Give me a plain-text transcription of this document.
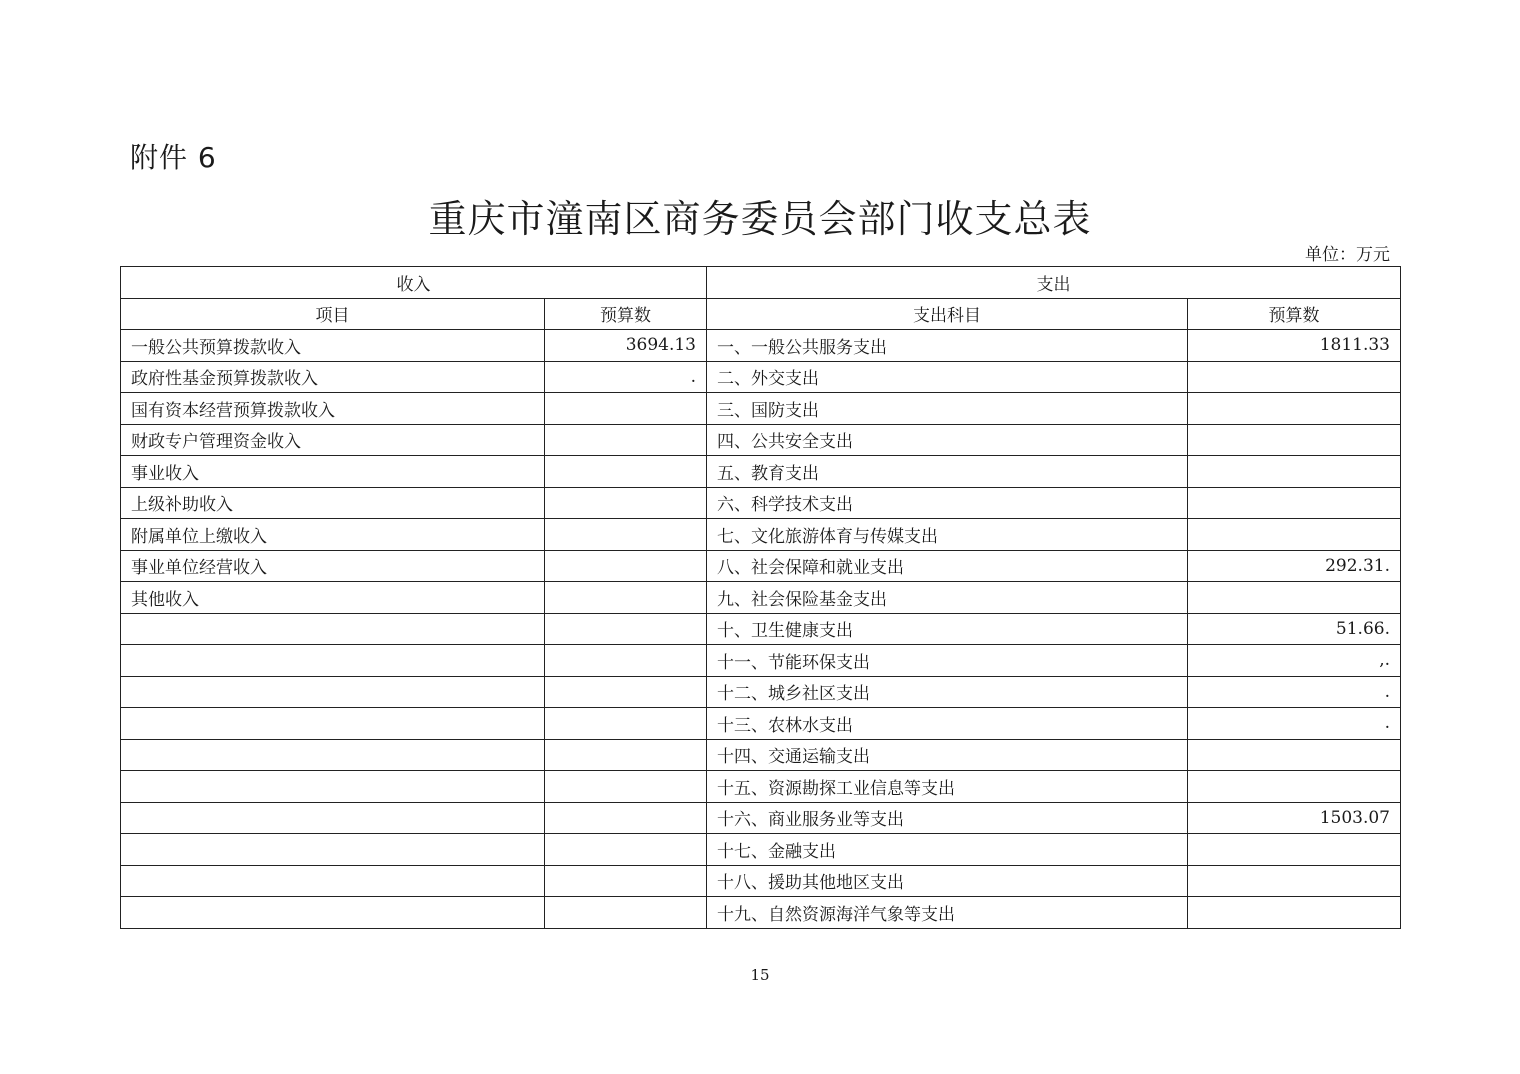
附件 6
重庆市潼南区商务委员会部门收支总表
单位：万元
收入		支出	
项目	预算数	支出科目	预算数
一般公共预算拨款收入	3694.13	一、一般公共服务支出	1811.33
政府性基金预算拨款收入	.	二、外交支出	
国有资本经营预算拨款收入		三、国防支出	
财政专户管理资金收入		四、公共安全支出	
事业收入		五、教育支出	
上级补助收入		六、科学技术支出	
附属单位上缴收入		七、文化旅游体育与传媒支出	
事业单位经营收入		八、社会保障和就业支出	292.31.
其他收入		九、社会保险基金支出	
		十、卫生健康支出	51.66.
		十一、节能环保支出	,.
		十二、城乡社区支出	.
		十三、农林水支出	.
		十四、交通运输支出	
		十五、资源勘探工业信息等支出	
		十六、商业服务业等支出	1503.07
		十七、金融支出	
		十八、援助其他地区支出	
		十九、自然资源海洋气象等支出	
15
